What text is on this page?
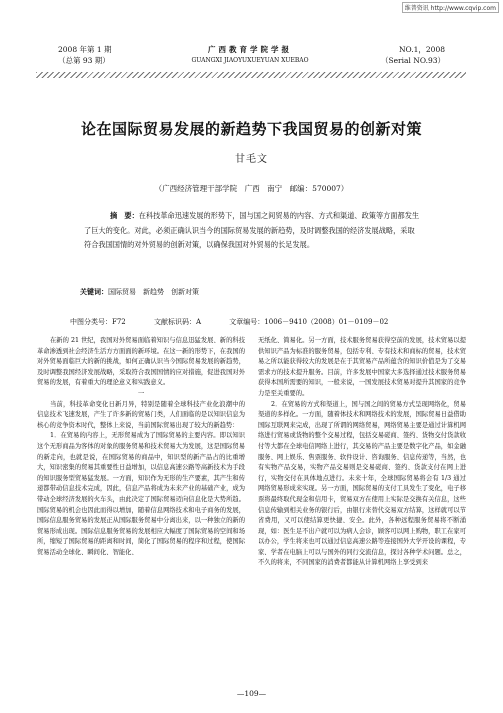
维普资讯 http://www.cqvip.com
2008 年第 1 期
（总第 93 期）
广西教育学院学报
GUANGXI JIAOYUXUEYUAN XUEBAO
NO.1，2008
（Serial NO.93）
论在国际贸易发展的新趋势下我国贸易的创新对策
甘毛文
（广西经济管理干部学院　广西　南宁　邮编：570007）
摘　要：在科技革命迅速发展的形势下，国与国之间贸易的内容、方式和渠道、政策等方面都发生了巨大的变化。对此，必须正确认识当今的国际贸易发展的新趋势，及时调整我国的经济发展战略，采取符合我国国情的对外贸易的创新对策，以确保我国对外贸易的长足发展。
关键词：国际贸易　新趋势　创新对策
中图分类号：F72	文献标识码：A	文章编号：1006－9410（2008）01－0109－02

在新的 21 世纪，我国对外贸易面临着知识与信息迅猛发展、新的科技革命渗透到社会经济生活方方面面的新环境。在这一新的形势下，在我国的对外贸易面临巨大的新的挑战，如何正确认识当今国际贸易发展的新趋势，及时调整我国经济发展战略，采取符合我国国情的应对措施，促进我国对外贸易的发展，有着重大的理论意义和实践意义。

一

当前，科技革命变化日新月异，特别是随着全球科技产业化浪潮中的信息技术飞速发展，产生了许多新的贸易门类，人们面临的是以知识信息为核心的竞争资本时代，整体上来说，当前国际贸易出现了较大的新趋势：

1．在贸易的内容上，无形贸易成为了国际贸易的主要内容。即以知识这个无形商品为客体的对象的服务贸易和技术贸易大为发展，这是国际贸易的新走向，也就是说，在国际贸易的商品中，知识型的新产品占的比重增大，知识密集的贸易其重要性日益增加，以信息高速公路等高新技术为手段的知识服务型贸易猛发展。一方面，知识作为无形的生产要素，其产生和传递都带动信息技术完成，因此，信息产品将成为未来产业的基础产业，成为带动全球经济发展的火车头，由此决定了国际贸易迈向信息化是大势所趋。国际贸易的机会也因此而得以增加，随着信息网络技术和电子商务的发展，国际信息服务贸易的发展正从国际服务贸易中分离出来，以一种独立的新的贸易形成出现。国际信息服务贸易的发展相应大幅度了国际贸易的空间和场所，缩短了国际贸易的距离和时间，简化了国际贸易的程序和过程，使国际贸易活动全球化、瞬间化、智能化、

无纸化、简易化。另一方面，技术服务贸易获得空前的发展，技术贸易以提供知识产品为标准的服务贸易，包括专利、专有技术和商标的贸易，技术贸易之所以能获得较大的发展是在于其贸易产品所蕴含的知识价值是为了交易需求方的技术提升服务。目前，许多发展中国家大多选择通过技术服务贸易获得本国所需要的知识，一般来说，一国发展技术贸易对提升其国家的竞争力是至关重要的。

2．在贸易的方式和渠道上，国与国之间的贸易方式呈现网络化，贸易渠道的多样化。一方面，随着体技术和网络技术的发展，国际贸易日益借助国际互联网来完成，出现了所谓的网络贸易，网络贸易主要是通过计算机网络进行贸易或货物的整个交易过程，包括交易磋商、签约、货物交付货款收付等大都在全球电信网络上进行，其交易的产品主要是数字化产品，如金融服务、网上娱乐、售票服务、软件设计、咨询服务、信息传递等，当然，也有实物产品交易，实物产品交易则是交易磋商、签约、货款支付在网上进行，实物交付在具体地点进行。未来十年，全球国际贸易将会有 1/3 通过网络贸易形成来实现。另一方面，国际贸易的支付工具发生了变化，电子移票将最终取代现金和信用卡，贸易双方在使用上实际是交换有关信息，这些信息传输到相关业务的银行后，由银行来替代交易双方结算，这样就可以节省费用，又可以使结算更快捷、安全。此外，各种远程服务贸易将不断涌现，如：医生足不出户就可以为病人会诊，顾客可以网上购物，职工在家可以办公，学生将来也可以通过信息高速公路等连接国外大学开设的课程，专家、学者在电脑上可以与国外的同行交流信息，探讨各种学术问题。总之，不久的将来，不同国家的消费者都能从计算机网络上享受到来

—109—
